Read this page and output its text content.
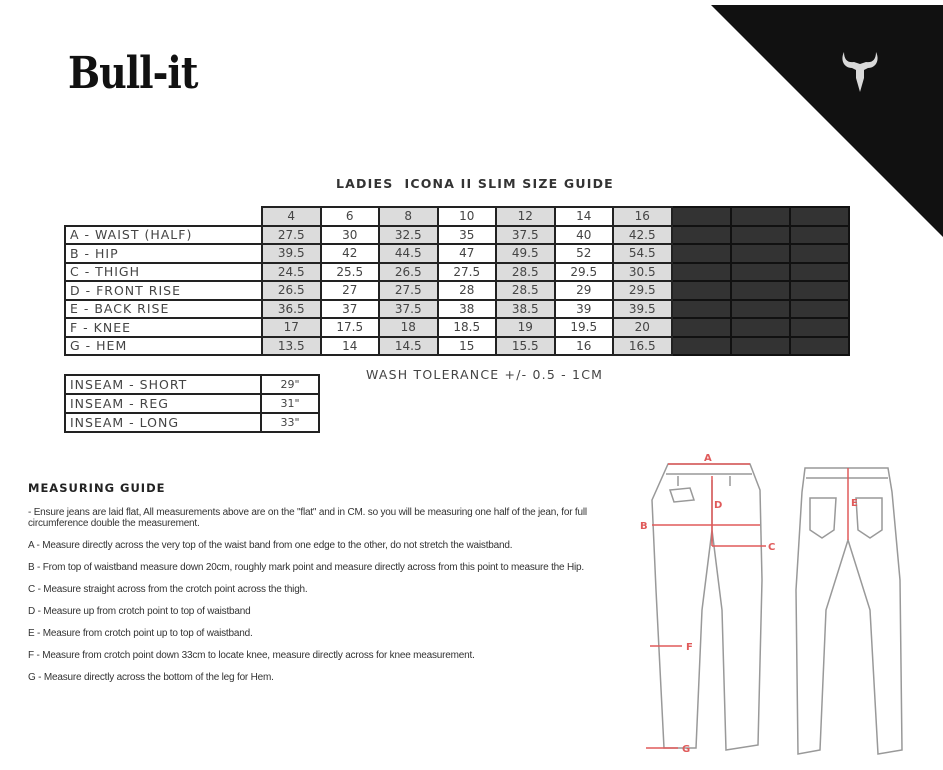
Bull-it
LADIES  ICONA II SLIM SIZE GUIDE
	4	6	8	10	12	14	16			
A - WAIST (HALF)	27.5	30	32.5	35	37.5	40	42.5			
B - HIP	39.5	42	44.5	47	49.5	52	54.5			
C - THIGH	24.5	25.5	26.5	27.5	28.5	29.5	30.5			
D - FRONT RISE	26.5	27	27.5	28	28.5	29	29.5			
E - BACK RISE	36.5	37	37.5	38	38.5	39	39.5			
F - KNEE	17	17.5	18	18.5	19	19.5	20			
G - HEM	13.5	14	14.5	15	15.5	16	16.5			
WASH TOLERANCE +/- 0.5 - 1CM
INSEAM - SHORT	29"
INSEAM - REG	31"
INSEAM - LONG	33"
MEASURING GUIDE

- Ensure jeans are laid flat, All measurements above are on the "flat" and in CM. so you will be measuring one half of the jean, for full circumference double the measurement.

A - Measure directly across the very top of the waist band from one edge to the other, do not stretch the waistband.

B - From top of waistband measure down 20cm, roughly mark point and measure directly across from this point to measure the Hip.

C - Measure straight across from the crotch point across the thigh.

D - Measure up from crotch point to top of waistband

E - Measure from crotch point up to top of waistband.

F - Measure from crotch point down 33cm to locate knee, measure directly across for knee measurement.

G - Measure directly across the bottom of the leg for Hem.

A
B
C
D	E
F
G
